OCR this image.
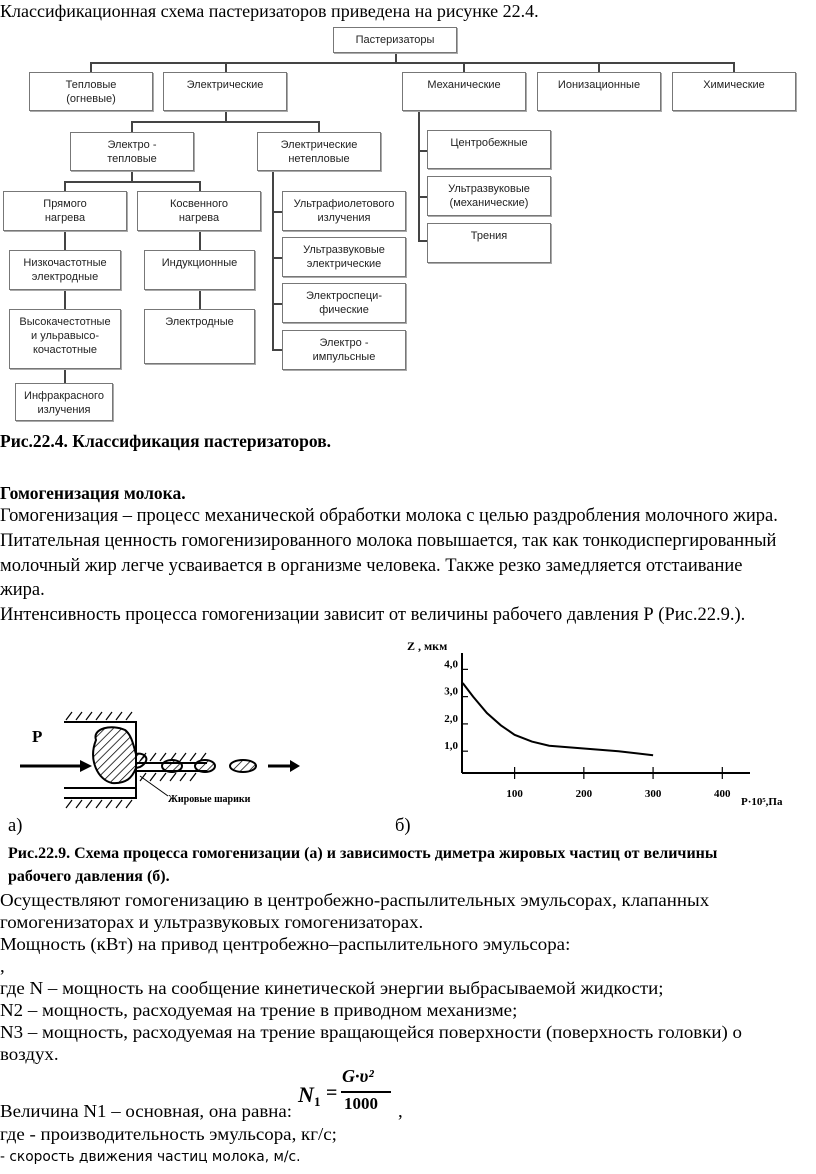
Классификационная схема пастеризаторов приведена на рисунке 22.4.
Пастеризаторы
Тепловые
(огневые)
Электрические	Механические	Ионизационные	Химические
Электро -
тепловые
Электрические
нетепловые
Прямого
нагрева
Косвенного
нагрева
Низкочастотные
электродные
Высокачестотные
и ульравысо-
кочастотные
Инфракрасного
излучения
Индукционные
Электродные
Ультрафиолетового
излучения
Ультразвуковые
электрические
Электроспеци-
фические
Электро -
импульсные
Центробежные
Ультразвуковые
(механические)
Трения
Рис.22.4. Классификация пастеризаторов.
Гомогенизация молока.
Гомогенизация – процесс механической обработки молока с целью раздробления молочного жира.
Питательная ценность гомогенизированного молока повышается, так как тонкодиспергированный
молочный жир легче усваивается в организме человека. Также резко замедляется отстаивание
жира.
Интенсивность процесса гомогенизации зависит от величины рабочего давления Р (Рис.22.9.).
P
Жировые шарики	100	200	300	400
1,0
2,0
3,0
4,0
Z , мкм
P·10⁵,Па
а)	б)
Рис.22.9. Схема процесса гомогенизации (а) и зависимость диметра жировых частиц от величины
рабочего давления (б).
Осуществляют гомогенизацию в центробежно-распылительных эмульсорах, клапанных
гомогенизаторах и ультразвуковых гомогенизаторах.
Мощность (кВт) на привод центробежно–распылительного эмульсора:
,
где N – мощность на сообщение кинетической энергии выбрасываемой жидкости;
N2 – мощность, расходуемая на трение в приводном механизме;
N3 – мощность, расходуемая на трение вращающейся поверхности (поверхность головки) о
воздух.
N 1 =
G·υ²
1000
Величина N1 – основная, она равна:	,
где - производительность эмульсора, кг/с;
- скорость движения частиц молока, м/с.
